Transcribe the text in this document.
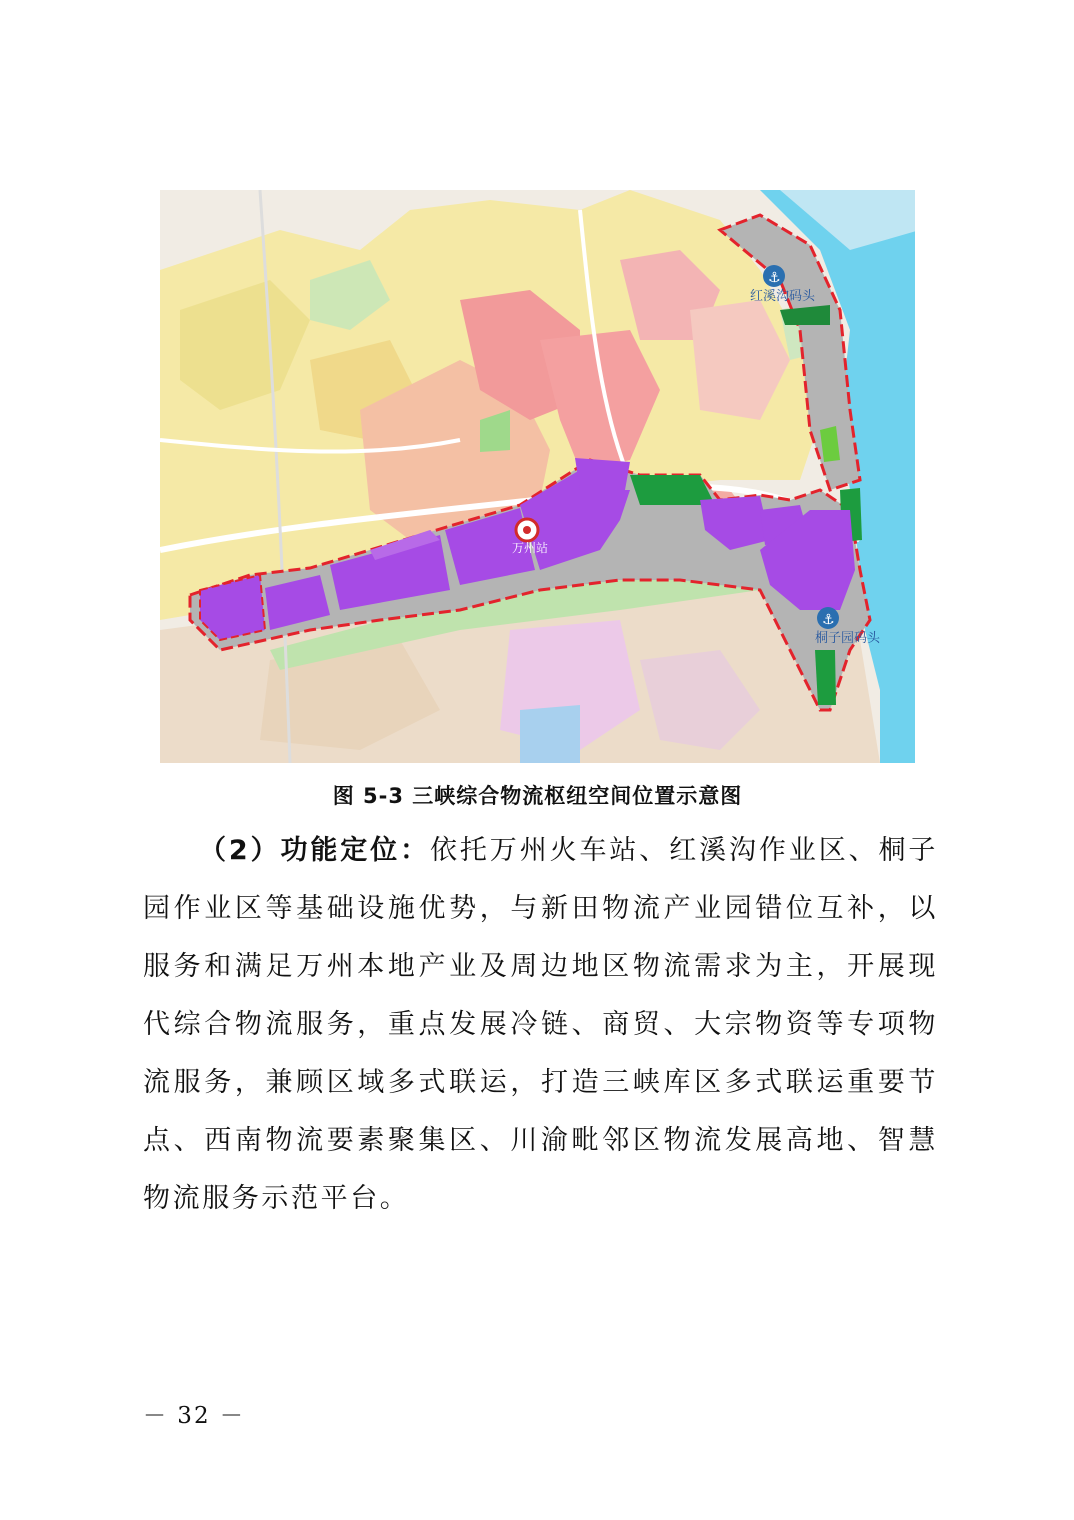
⚓
⚓
红溪沟码头
万州站
桐子园码头
图 5-3 三峡综合物流枢纽空间位置示意图

（2）功能定位：依托万州火车站、红溪沟作业区、桐子园作业区等基础设施优势，与新田物流产业园错位互补，以服务和满足万州本地产业及周边地区物流需求为主，开展现代综合物流服务，重点发展冷链、商贸、大宗物资等专项物流服务，兼顾区域多式联运，打造三峡库区多式联运重要节点、西南物流要素聚集区、川渝毗邻区物流发展高地、智慧物流服务示范平台。

－ 32 －
